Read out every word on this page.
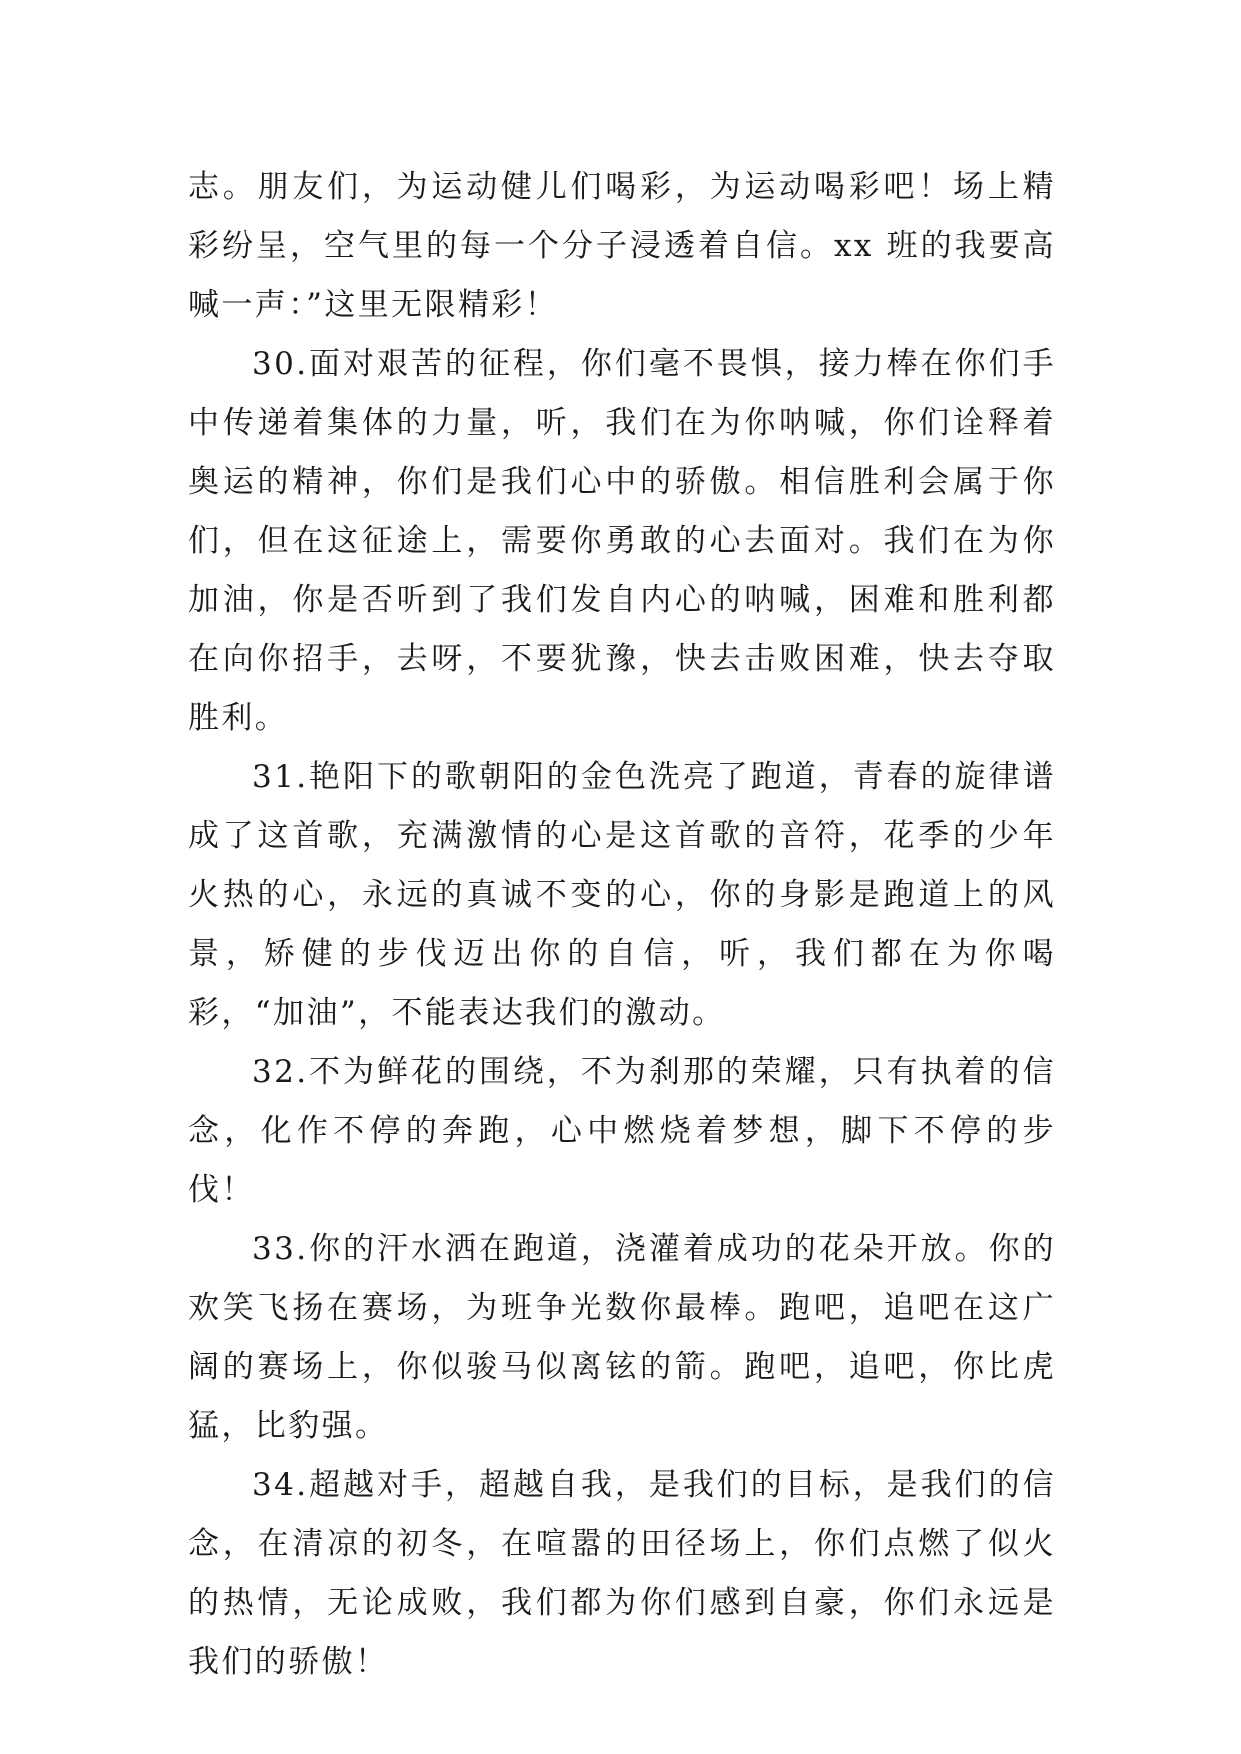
志。朋友们，为运动健儿们喝彩，为运动喝彩吧！场上精彩纷呈，空气里的每一个分子浸透着自信。xx 班的我要高喊一声：”这里无限精彩！

30.面对艰苦的征程，你们毫不畏惧，接力棒在你们手中传递着集体的力量，听，我们在为你呐喊，你们诠释着奥运的精神，你们是我们心中的骄傲。相信胜利会属于你们，但在这征途上，需要你勇敢的心去面对。我们在为你加油，你是否听到了我们发自内心的呐喊，困难和胜利都在向你招手，去呀，不要犹豫，快去击败困难，快去夺取胜利。

31.艳阳下的歌朝阳的金色洗亮了跑道，青春的旋律谱成了这首歌，充满激情的心是这首歌的音符，花季的少年火热的心，永远的真诚不变的心，你的身影是跑道上的风景，矫健的步伐迈出你的自信，听，我们都在为你喝彩，“加油”，不能表达我们的激动。

32.不为鲜花的围绕，不为刹那的荣耀，只有执着的信念，化作不停的奔跑，心中燃烧着梦想，脚下不停的步伐！

33.你的汗水洒在跑道，浇灌着成功的花朵开放。你的欢笑飞扬在赛场，为班争光数你最棒。跑吧，追吧在这广阔的赛场上，你似骏马似离铉的箭。跑吧，追吧，你比虎猛，比豹强。

34.超越对手，超越自我，是我们的目标，是我们的信念，在清凉的初冬，在喧嚣的田径场上，你们点燃了似火的热情，无论成败，我们都为你们感到自豪，你们永远是我们的骄傲！
